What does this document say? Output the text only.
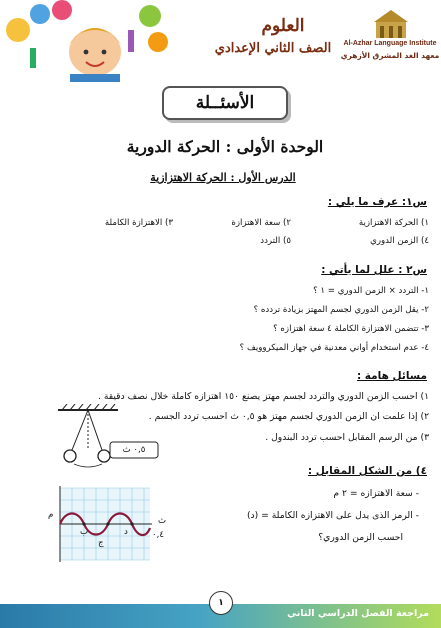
العلوم
الصف الثاني الإعدادي	Al-Azhar Language Institute
معهد الغد المشرق الأزهري
الأسئــلة
الوحدة الأولى : الحركة الدورية
الدرس الأول : الحركة الاهتزازية
س١: عرف ما يلي :
١) الحركة الاهتزازية
٢) سعة الاهتزازة
٣) الاهتزازة الكاملة
٤) الزمن الدوري
٥) التردد
س٢ : علل لما يأتي :
١- التردد × الزمن الدوري = ١ ؟
٢- يقل الزمن الدوري لجسم المهتز بزيادة تردده ؟
٣- تتضمن الاهتزازة الكاملة ٤ سعة اهتزازه ؟
٤- عدم استخدام أواني معدنية في جهاز الميكروويف ؟
مسائل هامة :
١) احسب الزمن الدوري والتردد لجسم مهتز يصنع ١٥٠ اهتزازه كاملة خلال نصف دقيقة .
٢) إذا علمت ان الزمن الدوري لجسم مهتز هو ٠,٥ ث احسب تردد الجسم .
٣) من الرسم المقابل احسب تردد البندول .
٠,٥ ث
٤) من الشكل المقابل :
- سعة الاهتزازه = ٢ م
- الرمز الذى يدل على الاهتزازه الكاملة = (د)
احسب الزمن الدوري؟
م
ث
٠,٤
ب
ج
د
مراجعة الفصل الدراسي الثاني
١
